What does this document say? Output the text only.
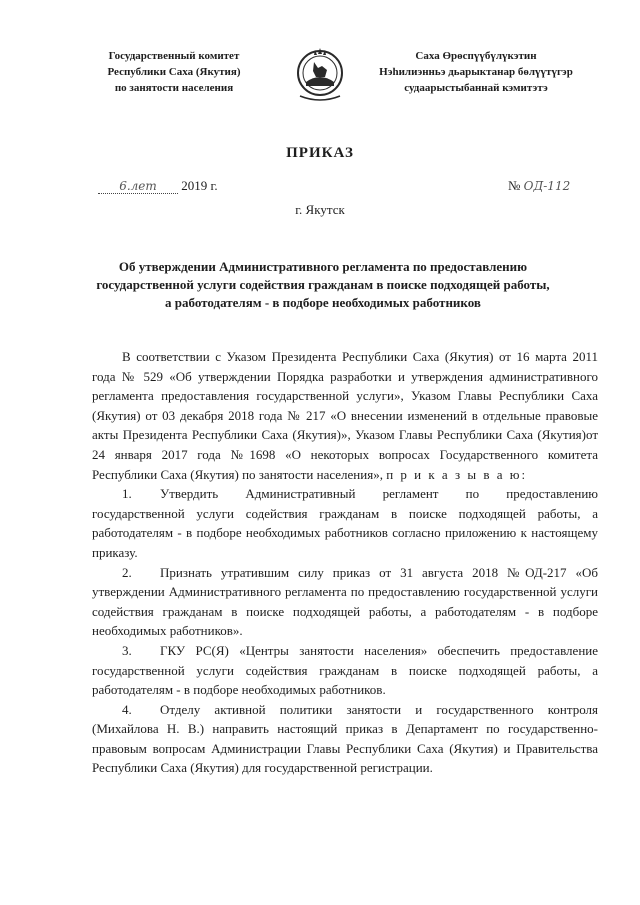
Государственный комитет
Республики Саха (Якутия)
по занятости населения
Саха Өрөспүүбүлүкэтин
Нэһилиэнньэ дьарыктанар бөлүүтүгэр
судаарыстыбаннай кэмитэтэ
ПРИКАЗ
6.лет 2019 г.	№ ОД-112
г. Якутск
Об утверждении Административного регламента по предоставлению государственной услуги содействия гражданам в поиске подходящей работы, а работодателям - в подборе необходимых работников

В соответствии с Указом Президента Республики Саха (Якутия) от 16 марта 2011 года № 529 «Об утверждении Порядка разработки и утверждения административного регламента предоставления государственной услуги», Указом Главы Республики Саха (Якутия) от 03 декабря 2018 года № 217 «О внесении изменений в отдельные правовые акты Президента Республики Саха (Якутия)», Указом Главы Республики Саха (Якутия)от 24 января 2017 года №1698 «О некоторых вопросах Государственного комитета Республики Саха (Якутия) по занятости населения», п р и к а з ы в а ю:

1. Утвердить Административный регламент по предоставлению государственной услуги содействия гражданам в поиске подходящей работы, а работодателям - в подборе необходимых работников согласно приложению к настоящему приказу.

2. Признать утратившим силу приказ от 31 августа 2018 №ОД-217 «Об утверждении Административного регламента по предоставлению государственной услуги содействия гражданам в поиске подходящей работы, а работодателям - в подборе необходимых работников».

3. ГКУ РС(Я) «Центры занятости населения» обеспечить предоставление государственной услуги содействия гражданам в поиске подходящей работы, а работодателям - в подборе необходимых работников.

4. Отделу активной политики занятости и государственного контроля (Михайлова Н. В.) направить настоящий приказ в Департамент по государственно-правовым вопросам Администрации Главы Республики Саха (Якутия) и Правительства Республики Саха (Якутия) для государственной регистрации.
